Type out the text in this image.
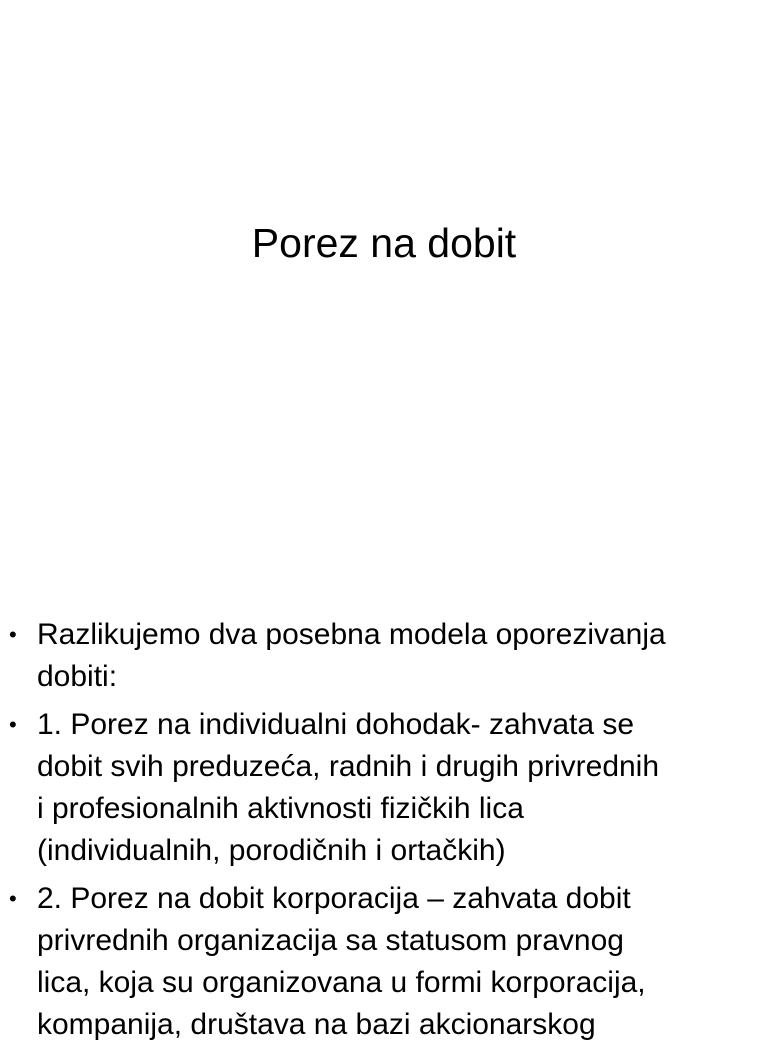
Porez na dobit
• Razlikujemo dva posebna modela oporezivanja
dobiti:
• 1. Porez na individualni dohodak- zahvata se
dobit svih preduzeća, radnih i drugih privrednih
i profesionalnih aktivnosti fizičkih lica
(individualnih, porodičnih i ortačkih)
• 2. Porez na dobit korporacija – zahvata dobit
privrednih organizacija sa statusom pravnog
lica, koja su organizovana u formi korporacija,
kompanija, društava na bazi akcionarskog
